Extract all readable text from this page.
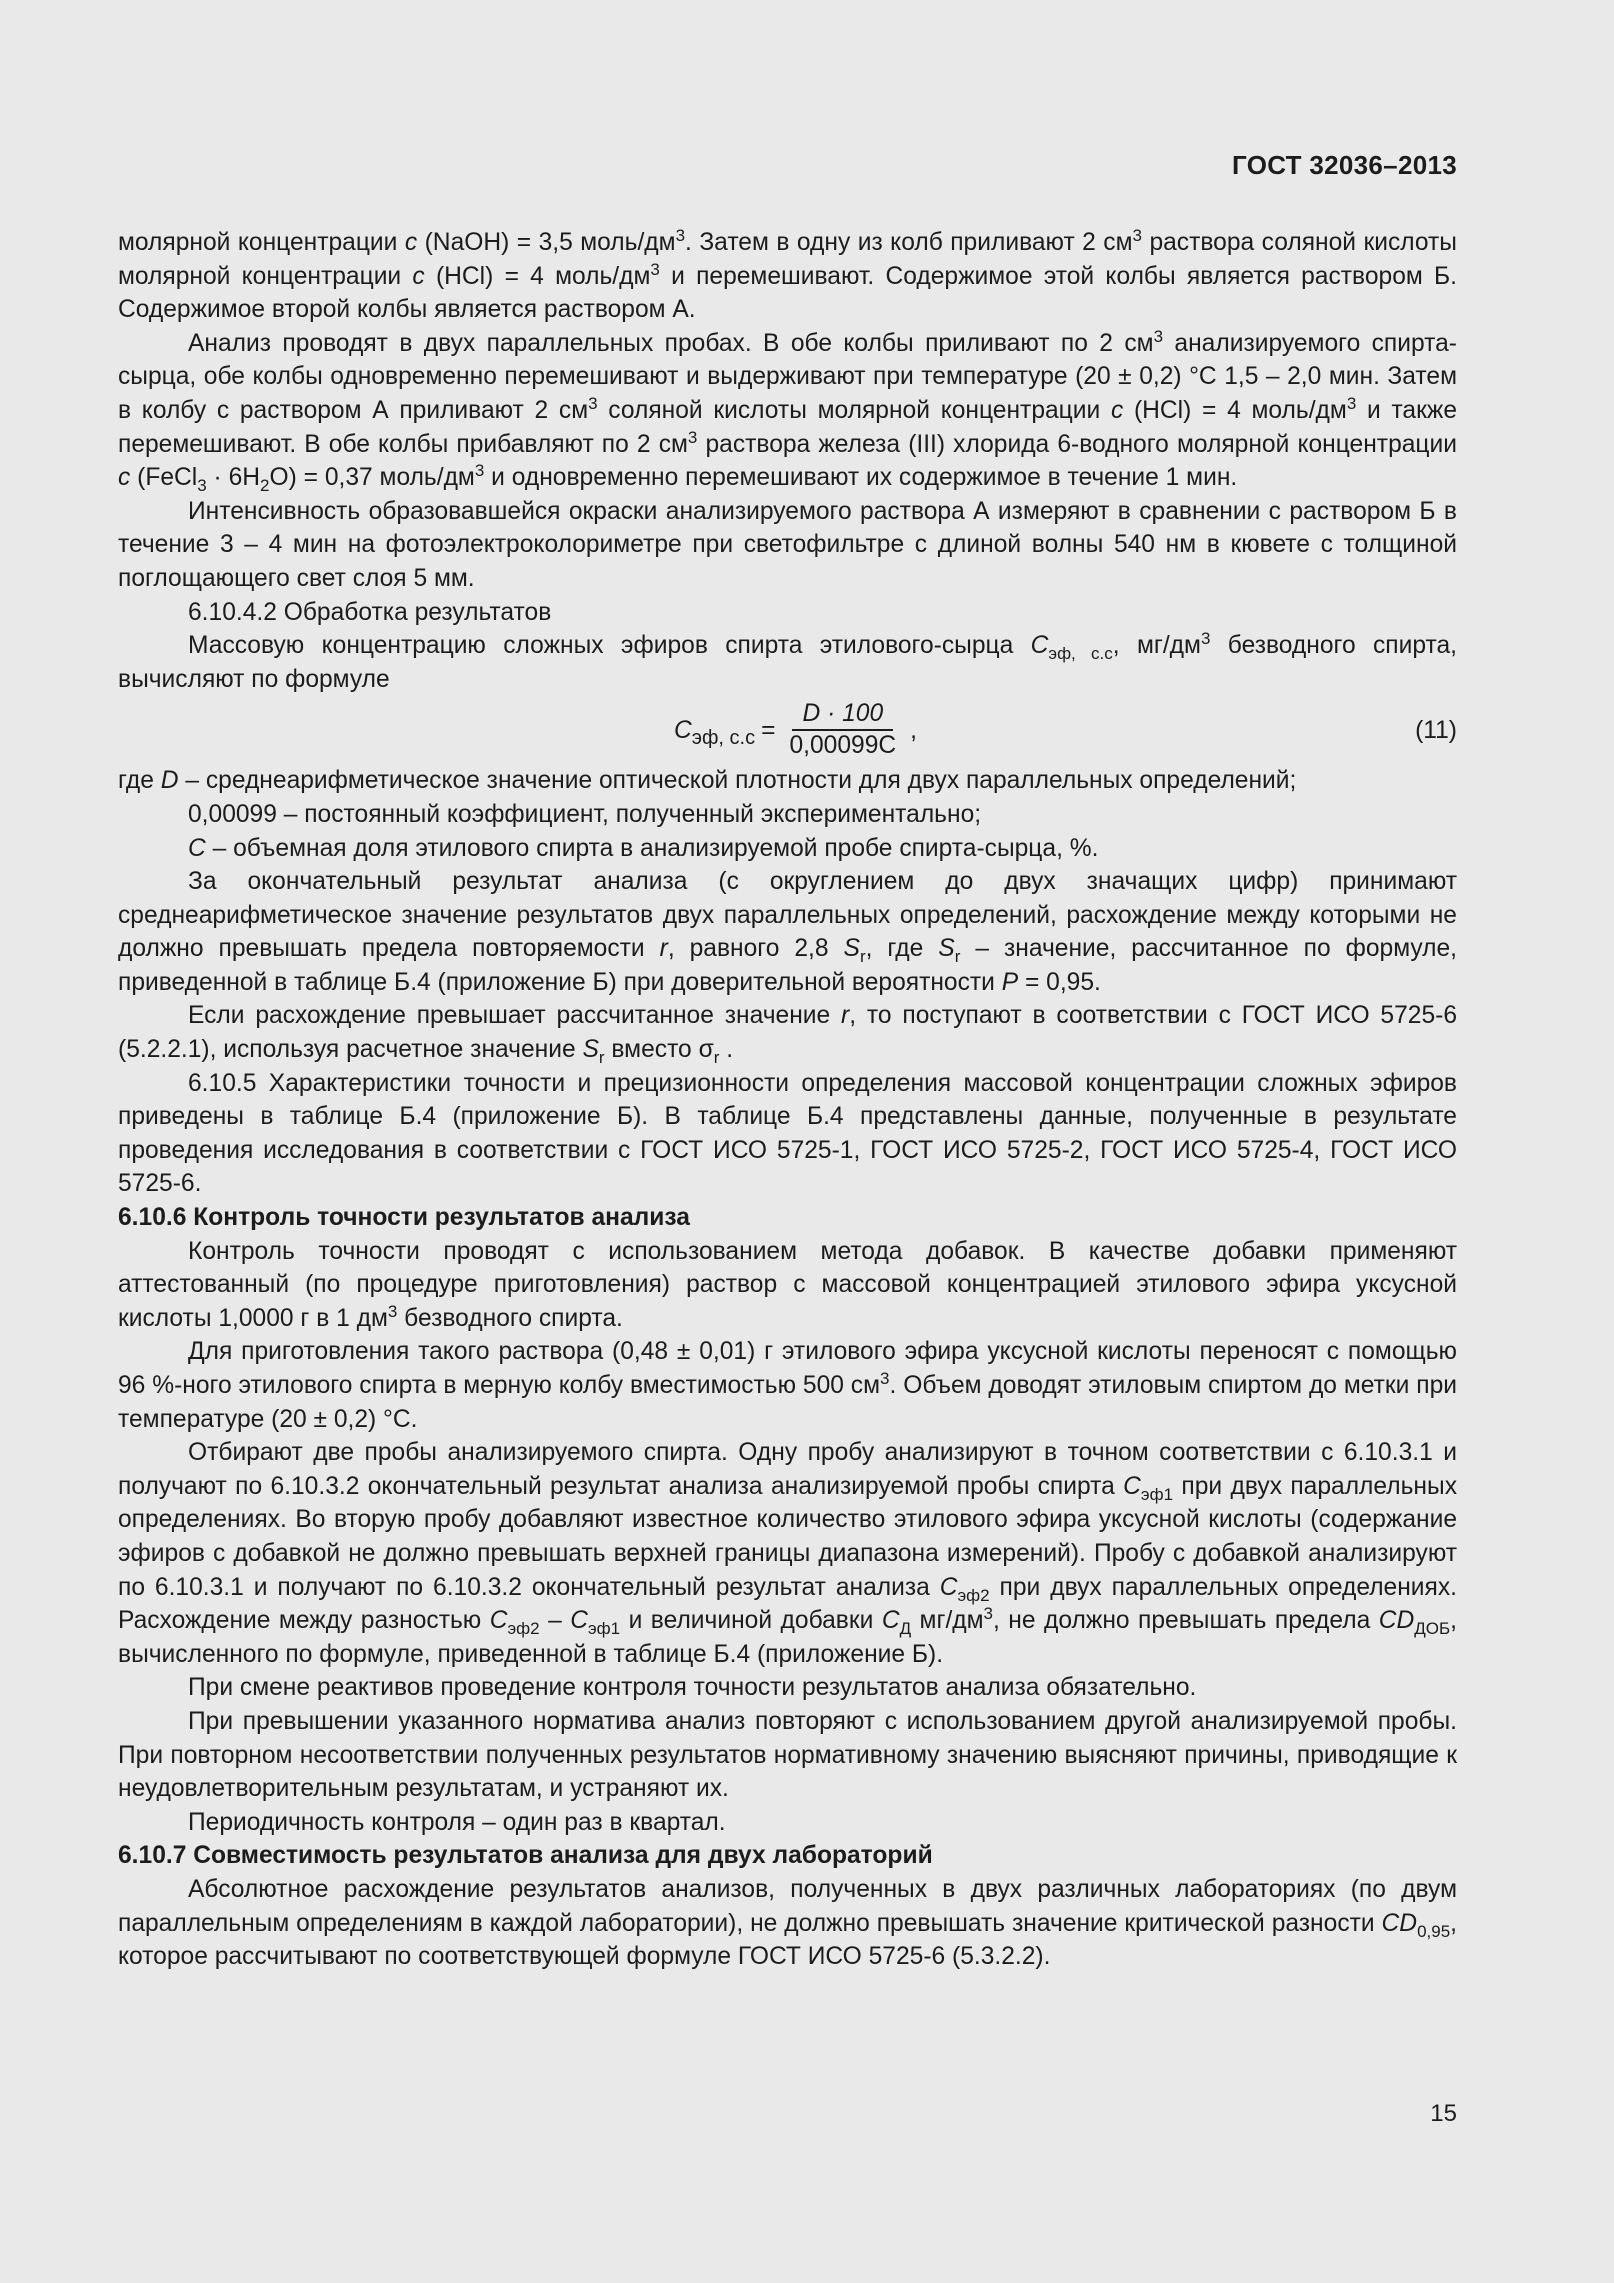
ГОСТ 32036–2013

молярной концентрации c (NaOH) = 3,5 моль/$дм^3$. Затем в одну из колб приливают 2 $см^3$ раствора соляной кислоты молярной концентрации c (HCl) = 4 моль/$дм^3$ и перемешивают. Содержимое этой колбы является раствором Б. Содержимое второй колбы является раствором А.

Анализ проводят в двух параллельных пробах. В обе колбы приливают по 2 $см^3$ анализируемого спирта-сырца, обе колбы одновременно перемешивают и выдерживают при температуре (20 ± 0,2) °С 1,5 – 2,0 мин. Затем в колбу с раствором А приливают 2 $см^3$ соляной кислоты молярной концентрации c (HCl) = 4 моль/$дм^3$ и также перемешивают. В обе колбы прибавляют по 2 $см^3$ раствора железа (III) хлорида 6-водного молярной концентрации c (FeCl$_3$ · $6H_2O) = 0,37$ моль/$дм^3$ и одновременно перемешивают их содержимое в течение 1 мин.

Интенсивность образовавшейся окраски анализируемого раствора А измеряют в сравнении с раствором Б в течение 3 – 4 мин на фотоэлектроколориметре при светофильтре с длиной волны 540 нм в кювете с толщиной поглощающего свет слоя 5 мм.

6.10.4.2 Обработка результатов

Массовую концентрацию сложных эфиров спирта этилового-сырца $C_{эф, с.с}$, $мг/дм^3$ безводного спирта, вычисляют по формуле

$C_{эф, с.с} = \frac{D \cdot 100}{0,00099C}$ ,	(11)

где D – среднеарифметическое значение оптической плотности для двух параллельных определений;

0,00099 – постоянный коэффициент, полученный экспериментально;

C – объемная доля этилового спирта в анализируемой пробе спирта-сырца, %.

За окончательный результат анализа (с округлением до двух значащих цифр) принимают среднеарифметическое значение результатов двух параллельных определений, расхождение между которыми не должно превышать предела повторяемости r, равного 2,8 $S_r$, где $S_r$ – значение, рассчитанное по формуле, приведенной в таблице Б.4 (приложение Б) при доверительной вероятности P = 0,95.

Если расхождение превышает рассчитанное значение r, то поступают в соответствии с ГОСТ ИСО 5725-6 (5.2.2.1), используя расчетное значение $S_r$ вместо $\sigma_r$ .

6.10.5 Характеристики точности и прецизионности определения массовой концентрации сложных эфиров приведены в таблице Б.4 (приложение Б). В таблице Б.4 представлены данные, полученные в результате проведения исследования в соответствии с ГОСТ ИСО 5725-1, ГОСТ ИСО 5725-2, ГОСТ ИСО 5725-4, ГОСТ ИСО 5725-6.

6.10.6 Контроль точности результатов анализа

Контроль точности проводят с использованием метода добавок. В качестве добавки применяют аттестованный (по процедуре приготовления) раствор с массовой концентрацией этилового эфира уксусной кислоты 1,0000 г в 1 $дм^3$ безводного спирта.

Для приготовления такого раствора (0,48 ± 0,01) г этилового эфира уксусной кислоты переносят с помощью 96 %-ного этилового спирта в мерную колбу вместимостью 500 $см^3$. Объем доводят этиловым спиртом до метки при температуре (20 ± 0,2) °С.

Отбирают две пробы анализируемого спирта. Одну пробу анализируют в точном соответствии с 6.10.3.1 и получают по 6.10.3.2 окончательный результат анализа анализируемой пробы спирта $C_{эф1}$ при двух параллельных определениях. Во вторую пробу добавляют известное количество этилового эфира уксусной кислоты (содержание эфиров с добавкой не должно превышать верхней границы диапазона измерений). Пробу с добавкой анализируют по 6.10.3.1 и получают по 6.10.3.2 окончательный результат анализа $C_{эф2}$ при двух параллельных определениях. Расхождение между разностью $C_{эф2} - C_{эф1}$ и величиной добавки $C_Д$ $мг/дм^3$, не должно превышать предела $CD_{ДОБ}$, вычисленного по формуле, приведенной в таблице Б.4 (приложение Б).

При смене реактивов проведение контроля точности результатов анализа обязательно.

При превышении указанного норматива анализ повторяют с использованием другой анализируемой пробы. При повторном несоответствии полученных результатов нормативному значению выясняют причины, приводящие к неудовлетворительным результатам, и устраняют их.

Периодичность контроля – один раз в квартал.

6.10.7 Совместимость результатов анализа для двух лабораторий

Абсолютное расхождение результатов анализов, полученных в двух различных лабораториях (по двум параллельным определениям в каждой лаборатории), не должно превышать значение критической разности $CD_{0,95}$, которое рассчитывают по соответствующей формуле ГОСТ ИСО 5725-6 (5.3.2.2).

15
